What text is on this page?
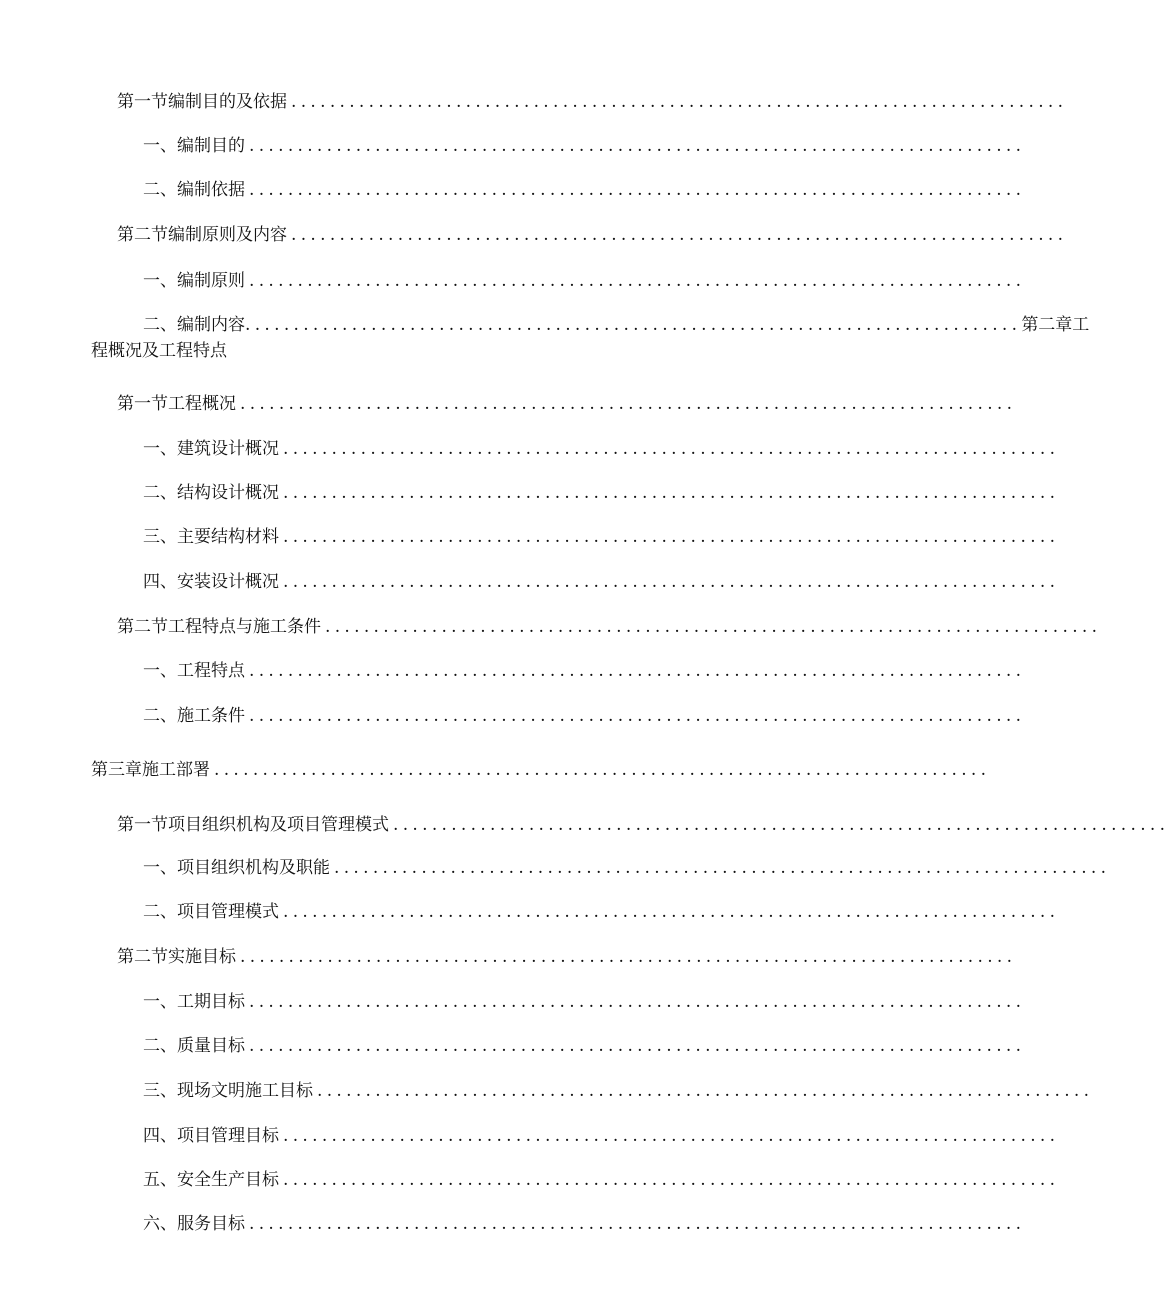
第一节编制目的及依据 ................................................................................
一、编制目的 ................................................................................
二、编制依据 ................................................................................
第二节编制原则及内容 ................................................................................
一、编制原则 ................................................................................
二、编制内容 ................................................................................ 第二章工
程概况及工程特点
第一节工程概况 ................................................................................
一、建筑设计概况 ................................................................................
二、结构设计概况 ................................................................................
三、主要结构材料 ................................................................................
四、安装设计概况 ................................................................................
第二节工程特点与施工条件 ................................................................................
一、工程特点 ................................................................................
二、施工条件 ................................................................................
第三章施工部署 ................................................................................
第一节项目组织机构及项目管理模式 ................................................................................
一、项目组织机构及职能 ................................................................................
二、项目管理模式 ................................................................................
第二节实施目标 ................................................................................
一、工期目标 ................................................................................
二、质量目标 ................................................................................
三、现场文明施工目标 ................................................................................
四、项目管理目标 ................................................................................
五、安全生产目标 ................................................................................
六、服务目标 ................................................................................
